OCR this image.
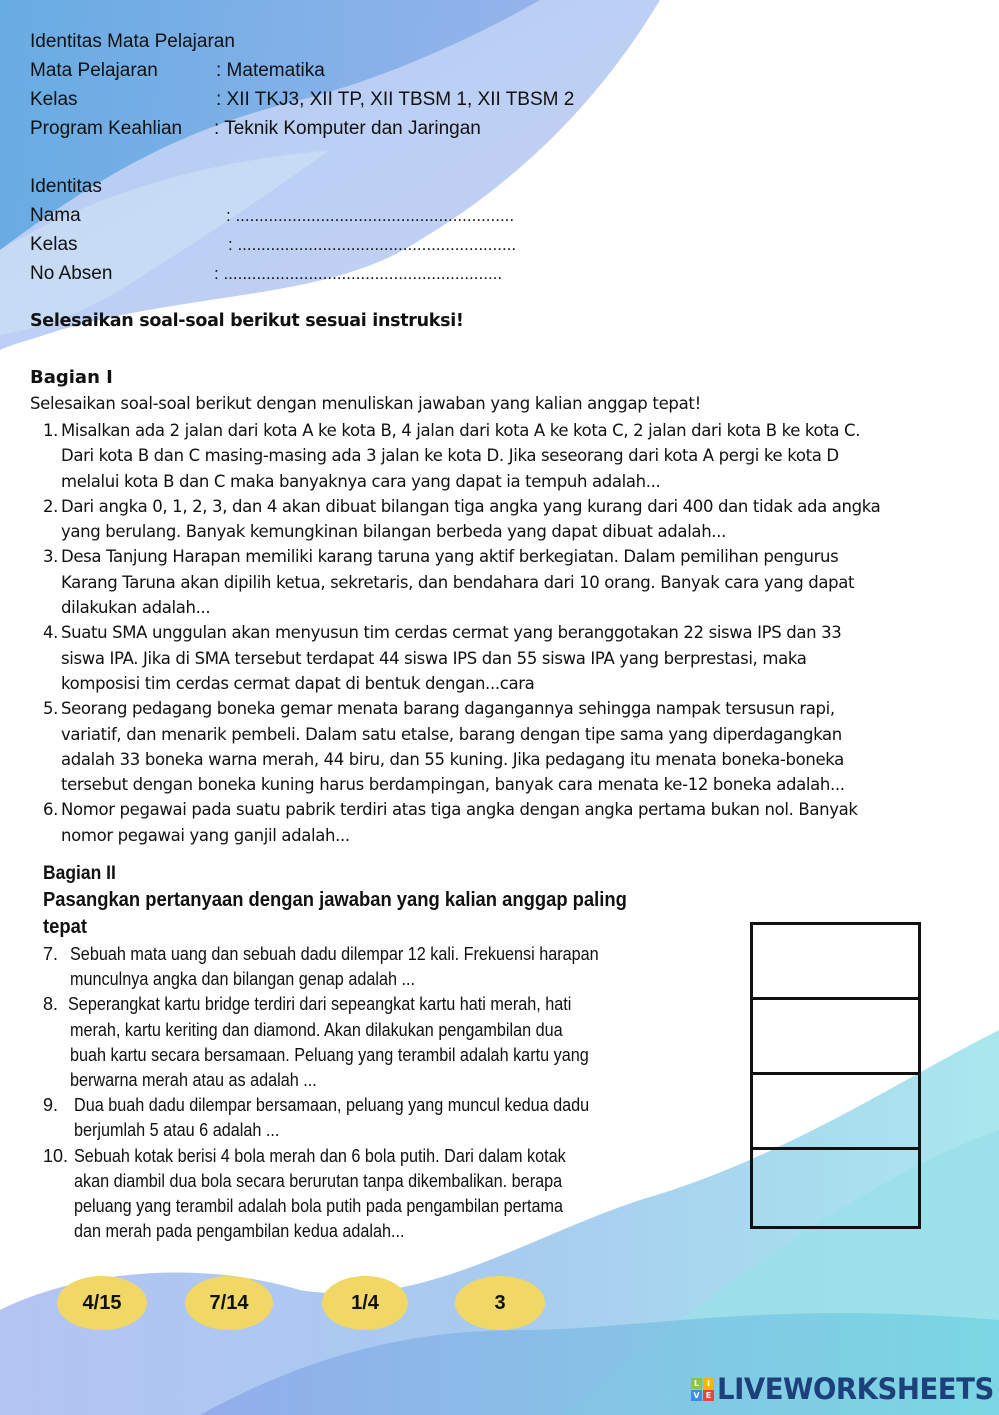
Identitas Mata Pelajaran
Mata Pelajaran	: Matematika
Kelas	: XII TKJ3, XII TP, XII TBSM 1, XII TBSM 2
Program Keahlian : Teknik Komputer dan Jaringan
Identitas
Nama	: ...........................................................
Kelas	: ...........................................................
No Absen	: ...........................................................
Selesaikan soal-soal berikut sesuai instruksi!
Bagian I
Selesaikan soal-soal berikut dengan menuliskan jawaban yang kalian anggap tepat!
1. Misalkan ada 2 jalan dari kota A ke kota B, 4 jalan dari kota A ke kota C, 2 jalan dari kota B ke kota C.
Dari kota B dan C masing-masing ada 3 jalan ke kota D. Jika seseorang dari kota A pergi ke kota D
melalui kota B dan C maka banyaknya cara yang dapat ia tempuh adalah...
2. Dari angka 0, 1, 2, 3, dan 4 akan dibuat bilangan tiga angka yang kurang dari 400 dan tidak ada angka
yang berulang. Banyak kemungkinan bilangan berbeda yang dapat dibuat adalah...
3. Desa Tanjung Harapan memiliki karang taruna yang aktif berkegiatan. Dalam pemilihan pengurus
Karang Taruna akan dipilih ketua, sekretaris, dan bendahara dari 10 orang. Banyak cara yang dapat
dilakukan adalah...
4. Suatu SMA unggulan akan menyusun tim cerdas cermat yang beranggotakan 22 siswa IPS dan 33
siswa IPA. Jika di SMA tersebut terdapat 44 siswa IPS dan 55 siswa IPA yang berprestasi, maka
komposisi tim cerdas cermat dapat di bentuk dengan...cara
5. Seorang pedagang boneka gemar menata barang dagangannya sehingga nampak tersusun rapi,
variatif, dan menarik pembeli. Dalam satu etalse, barang dengan tipe sama yang diperdagangkan
adalah 33 boneka warna merah, 44 biru, dan 55 kuning. Jika pedagang itu menata boneka-boneka
tersebut dengan boneka kuning harus berdampingan, banyak cara menata ke-12 boneka adalah...
6. Nomor pegawai pada suatu pabrik terdiri atas tiga angka dengan angka pertama bukan nol. Banyak
nomor pegawai yang ganjil adalah...
Bagian II
Pasangkan pertanyaan dengan jawaban yang kalian anggap paling
tepat
7. Sebuah mata uang dan sebuah dadu dilempar 12 kali. Frekuensi harapan
munculnya angka dan bilangan genap adalah ...
8. Seperangkat kartu bridge terdiri dari sepeangkat kartu hati merah, hati
merah, kartu keriting dan diamond. Akan dilakukan pengambilan dua
buah kartu secara bersamaan. Peluang yang terambil adalah kartu yang
berwarna merah atau as adalah ...
9. Dua buah dadu dilempar bersamaan, peluang yang muncul kedua dadu
berjumlah 5 atau 6 adalah ...
10. Sebuah kotak berisi 4 bola merah dan 6 bola putih. Dari dalam kotak
akan diambil dua bola secara berurutan tanpa dikembalikan. berapa
peluang yang terambil adalah bola putih pada pengambilan pertama
dan merah pada pengambilan kedua adalah...
4/15	7/14	1/4	3
L I
V E LIVEWORKSHEETS
